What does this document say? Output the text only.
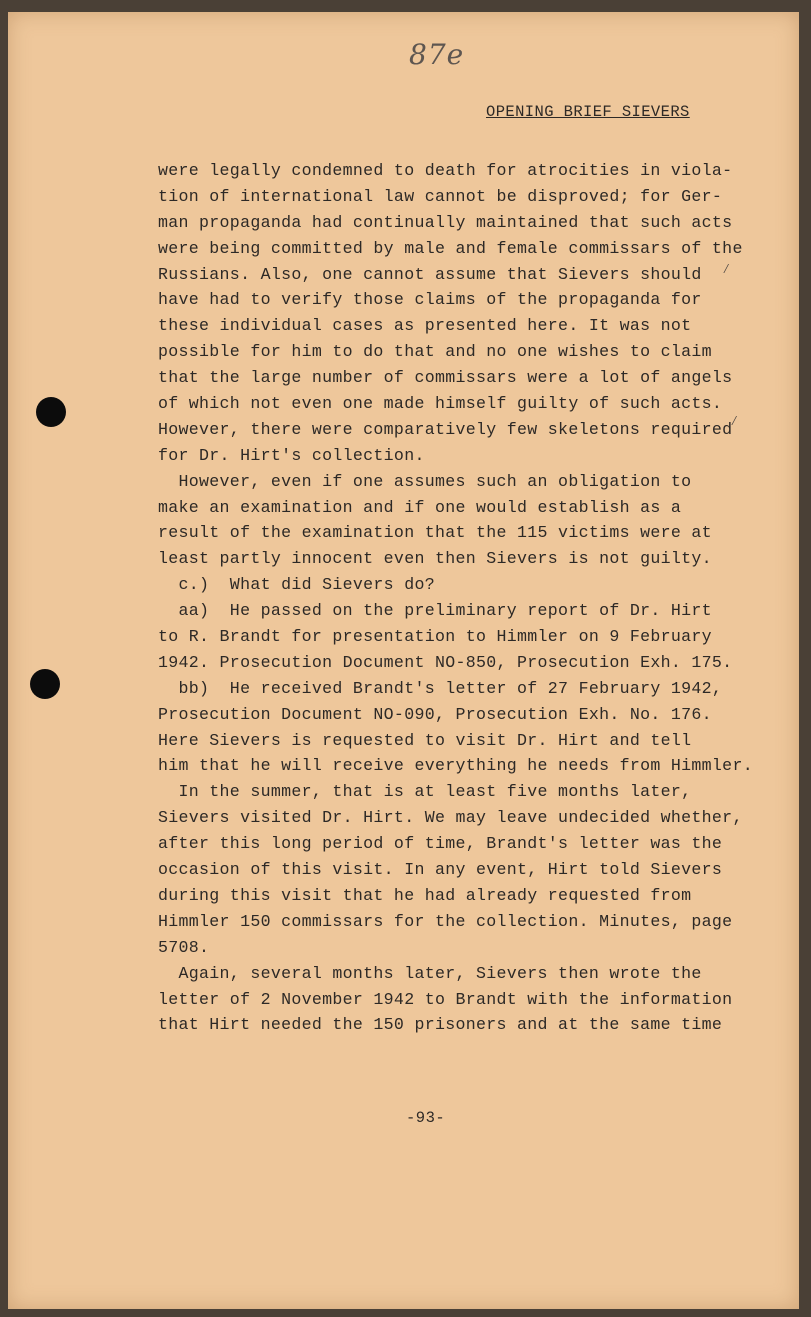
87e
OPENING BRIEF SIEVERS
⁄
⁄
were legally condemned to death for atrocities in viola-
tion of international law cannot be disproved; for Ger-
man propaganda had continually maintained that such acts
were being committed by male and female commissars of the
Russians. Also, one cannot assume that Sievers should
have had to verify those claims of the propaganda for
these individual cases as presented here. It was not
possible for him to do that and no one wishes to claim
that the large number of commissars were a lot of angels
of which not even one made himself guilty of such acts.
However, there were comparatively few skeletons required
for Dr. Hirt's collection.
However, even if one assumes such an obligation to
make an examination and if one would establish as a
result of the examination that the 115 victims were at
least partly innocent even then Sievers is not guilty.
c.)  What did Sievers do?
aa)  He passed on the preliminary report of Dr. Hirt
to R. Brandt for presentation to Himmler on 9 February
1942. Prosecution Document NO-850, Prosecution Exh. 175.
bb)  He received Brandt's letter of 27 February 1942,
Prosecution Document NO-090, Prosecution Exh. No. 176.
Here Sievers is requested to visit Dr. Hirt and tell
him that he will receive everything he needs from Himmler.
In the summer, that is at least five months later,
Sievers visited Dr. Hirt. We may leave undecided whether,
after this long period of time, Brandt's letter was the
occasion of this visit. In any event, Hirt told Sievers
during this visit that he had already requested from
Himmler 150 commissars for the collection. Minutes, page
5708.
Again, several months later, Sievers then wrote the
letter of 2 November 1942 to Brandt with the information
that Hirt needed the 150 prisoners and at the same time
-93-
